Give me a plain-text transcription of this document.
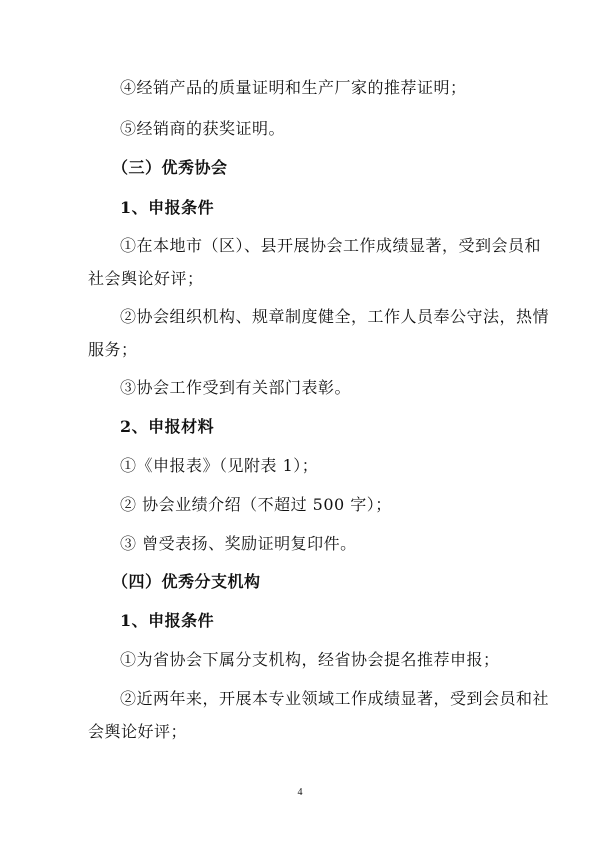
④经销产品的质量证明和生产厂家的推荐证明；
⑤经销商的获奖证明。
（三）优秀协会
1、申报条件
①在本地市（区）、县开展协会工作成绩显著，受到会员和
社会舆论好评；
②协会组织机构、规章制度健全，工作人员奉公守法，热情
服务；
③协会工作受到有关部门表彰。
2、申报材料
①《申报表》（见附表 1）；
② 协会业绩介绍（不超过 500 字）；
③ 曾受表扬、奖励证明复印件。
（四）优秀分支机构
1、申报条件
①为省协会下属分支机构，经省协会提名推荐申报；
②近两年来，开展本专业领域工作成绩显著，受到会员和社
会舆论好评；
4
